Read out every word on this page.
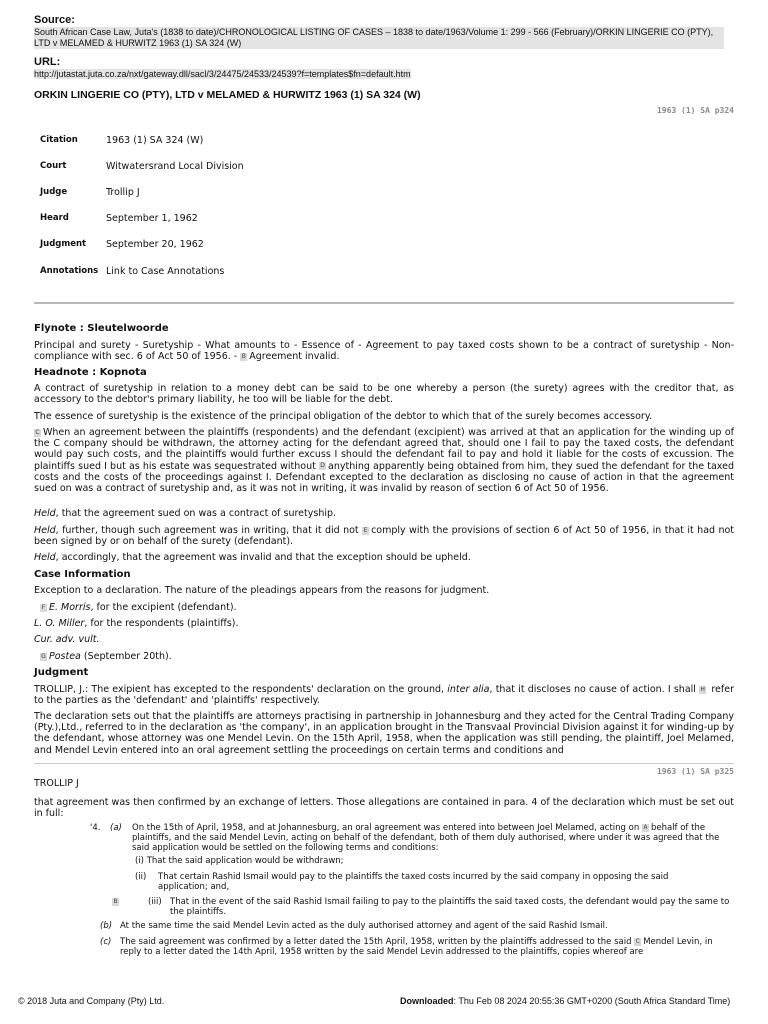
Source:
South African Case Law, Juta's (1838 to date)/CHRONOLOGICAL LISTING OF CASES – 1838 to date/1963/Volume 1: 299 - 566 (February)/ORKIN LINGERIE CO (PTY), LTD v MELAMED & HURWITZ 1963 (1) SA 324 (W)
URL:
http://jutastat.juta.co.za/nxt/gateway.dll/sacl/3/24475/24533/24539?f=templates$fn=default.htm
ORKIN LINGERIE CO (PTY), LTD v MELAMED & HURWITZ 1963 (1) SA 324 (W)
1963 (1) SA p324
Citation	1963 (1) SA 324 (W)
Court	Witwatersrand Local Division
Judge	Trollip J
Heard	September 1, 1962
Judgment September 20, 1962
Annotations Link to Case Annotations
Flynote : Sleutelwoorde
Principal and surety - Suretyship - What amounts to - Essence of - Agreement to pay taxed costs shown to be a contract of suretyship - Non-compliance with sec. 6 of Act 50 of 1956. - B Agreement invalid.
Headnote : Kopnota
A contract of suretyship in relation to a money debt can be said to be one whereby a person (the surety) agrees with the creditor that, as accessory to the debtor's primary liability, he too will be liable for the debt.
The essence of suretyship is the existence of the principal obligation of the debtor to which that of the surely becomes accessory.
C When an agreement between the plaintiffs (respondents) and the defendant (excipient) was arrived at that an application for the winding up of the C company should be withdrawn, the attorney acting for the defendant agreed that, should one I fail to pay the taxed costs, the defendant would pay such costs, and the plaintiffs would further excuss I should the defendant fail to pay and hold it liable for the costs of excussion. The plaintiffs sued I but as his estate was sequestrated without D anything apparently being obtained from him, they sued the defendant for the taxed costs and the costs of the proceedings against I. Defendant excepted to the declaration as disclosing no cause of action in that the agreement sued on was a contract of suretyship and, as it was not in writing, it was invalid by reason of section 6 of Act 50 of 1956.
Held, that the agreement sued on was a contract of suretyship.
Held, further, though such agreement was in writing, that it did not E comply with the provisions of section 6 of Act 50 of 1956, in that it had not been signed by or on behalf of the surety (defendant).
Held, accordingly, that the agreement was invalid and that the exception should be upheld.
Case Information
Exception to a declaration. The nature of the pleadings appears from the reasons for judgment.
F E. Morris, for the excipient (defendant).
L. O. Miller, for the respondents (plaintiffs).
Cur. adv. vult.
G Postea (September 20th).
Judgment
TROLLIP, J.: The exipient has excepted to the respondents' declaration on the ground, inter alia, that it discloses no cause of action. I shall H refer to the parties as the 'defendant' and 'plaintiffs' respectively.
The declaration sets out that the plaintiffs are attorneys practising in partnership in Johannesburg and they acted for the Central Trading Company (Pty.),Ltd., referred to in the declaration as 'the company', in an application brought in the Transvaal Provincial Division against it for winding-up by the defendant, whose attorney was one Mendel Levin. On the 15th April, 1958, when the application was still pending, the plaintiff, Joel Melamed, and Mendel Levin entered into an oral agreement settling the proceedings on certain terms and conditions and
1963 (1) SA p325
TROLLIP J
that agreement was then confirmed by an exchange of letters. Those allegations are contained in para. 4 of the declaration which must be set out in full:
'4. (a) On the 15th of April, 1958, and at Johannesburg, an oral agreement was entered into between Joel Melamed, acting on A behalf of the plaintiffs, and the said Mendel Levin, acting on behalf of the defendant, both of them duly authorised, where under it was agreed that the said application would be settled on the following terms and conditions:
(i) That the said application would be withdrawn;
(ii) That certain Rashid Ismail would pay to the plaintiffs the taxed costs incurred by the said company in opposing the said application; and,
B	(iii) That in the event of the said Rashid Ismail failing to pay to the plaintiffs the said taxed costs, the defendant would pay the same to the plaintiffs.
(b) At the same time the said Mendel Levin acted as the duly authorised attorney and agent of the said Rashid Ismail.
(c) The said agreement was confirmed by a letter dated the 15th April, 1958, written by the plaintiffs addressed to the said C Mendel Levin, in reply to a letter dated the 14th April, 1958 written by the said Mendel Levin addressed to the plaintiffs, copies whereof are
© 2018 Juta and Company (Pty) Ltd.	Downloaded: Thu Feb 08 2024 20:55:36 GMT+0200 (South Africa Standard Time)
